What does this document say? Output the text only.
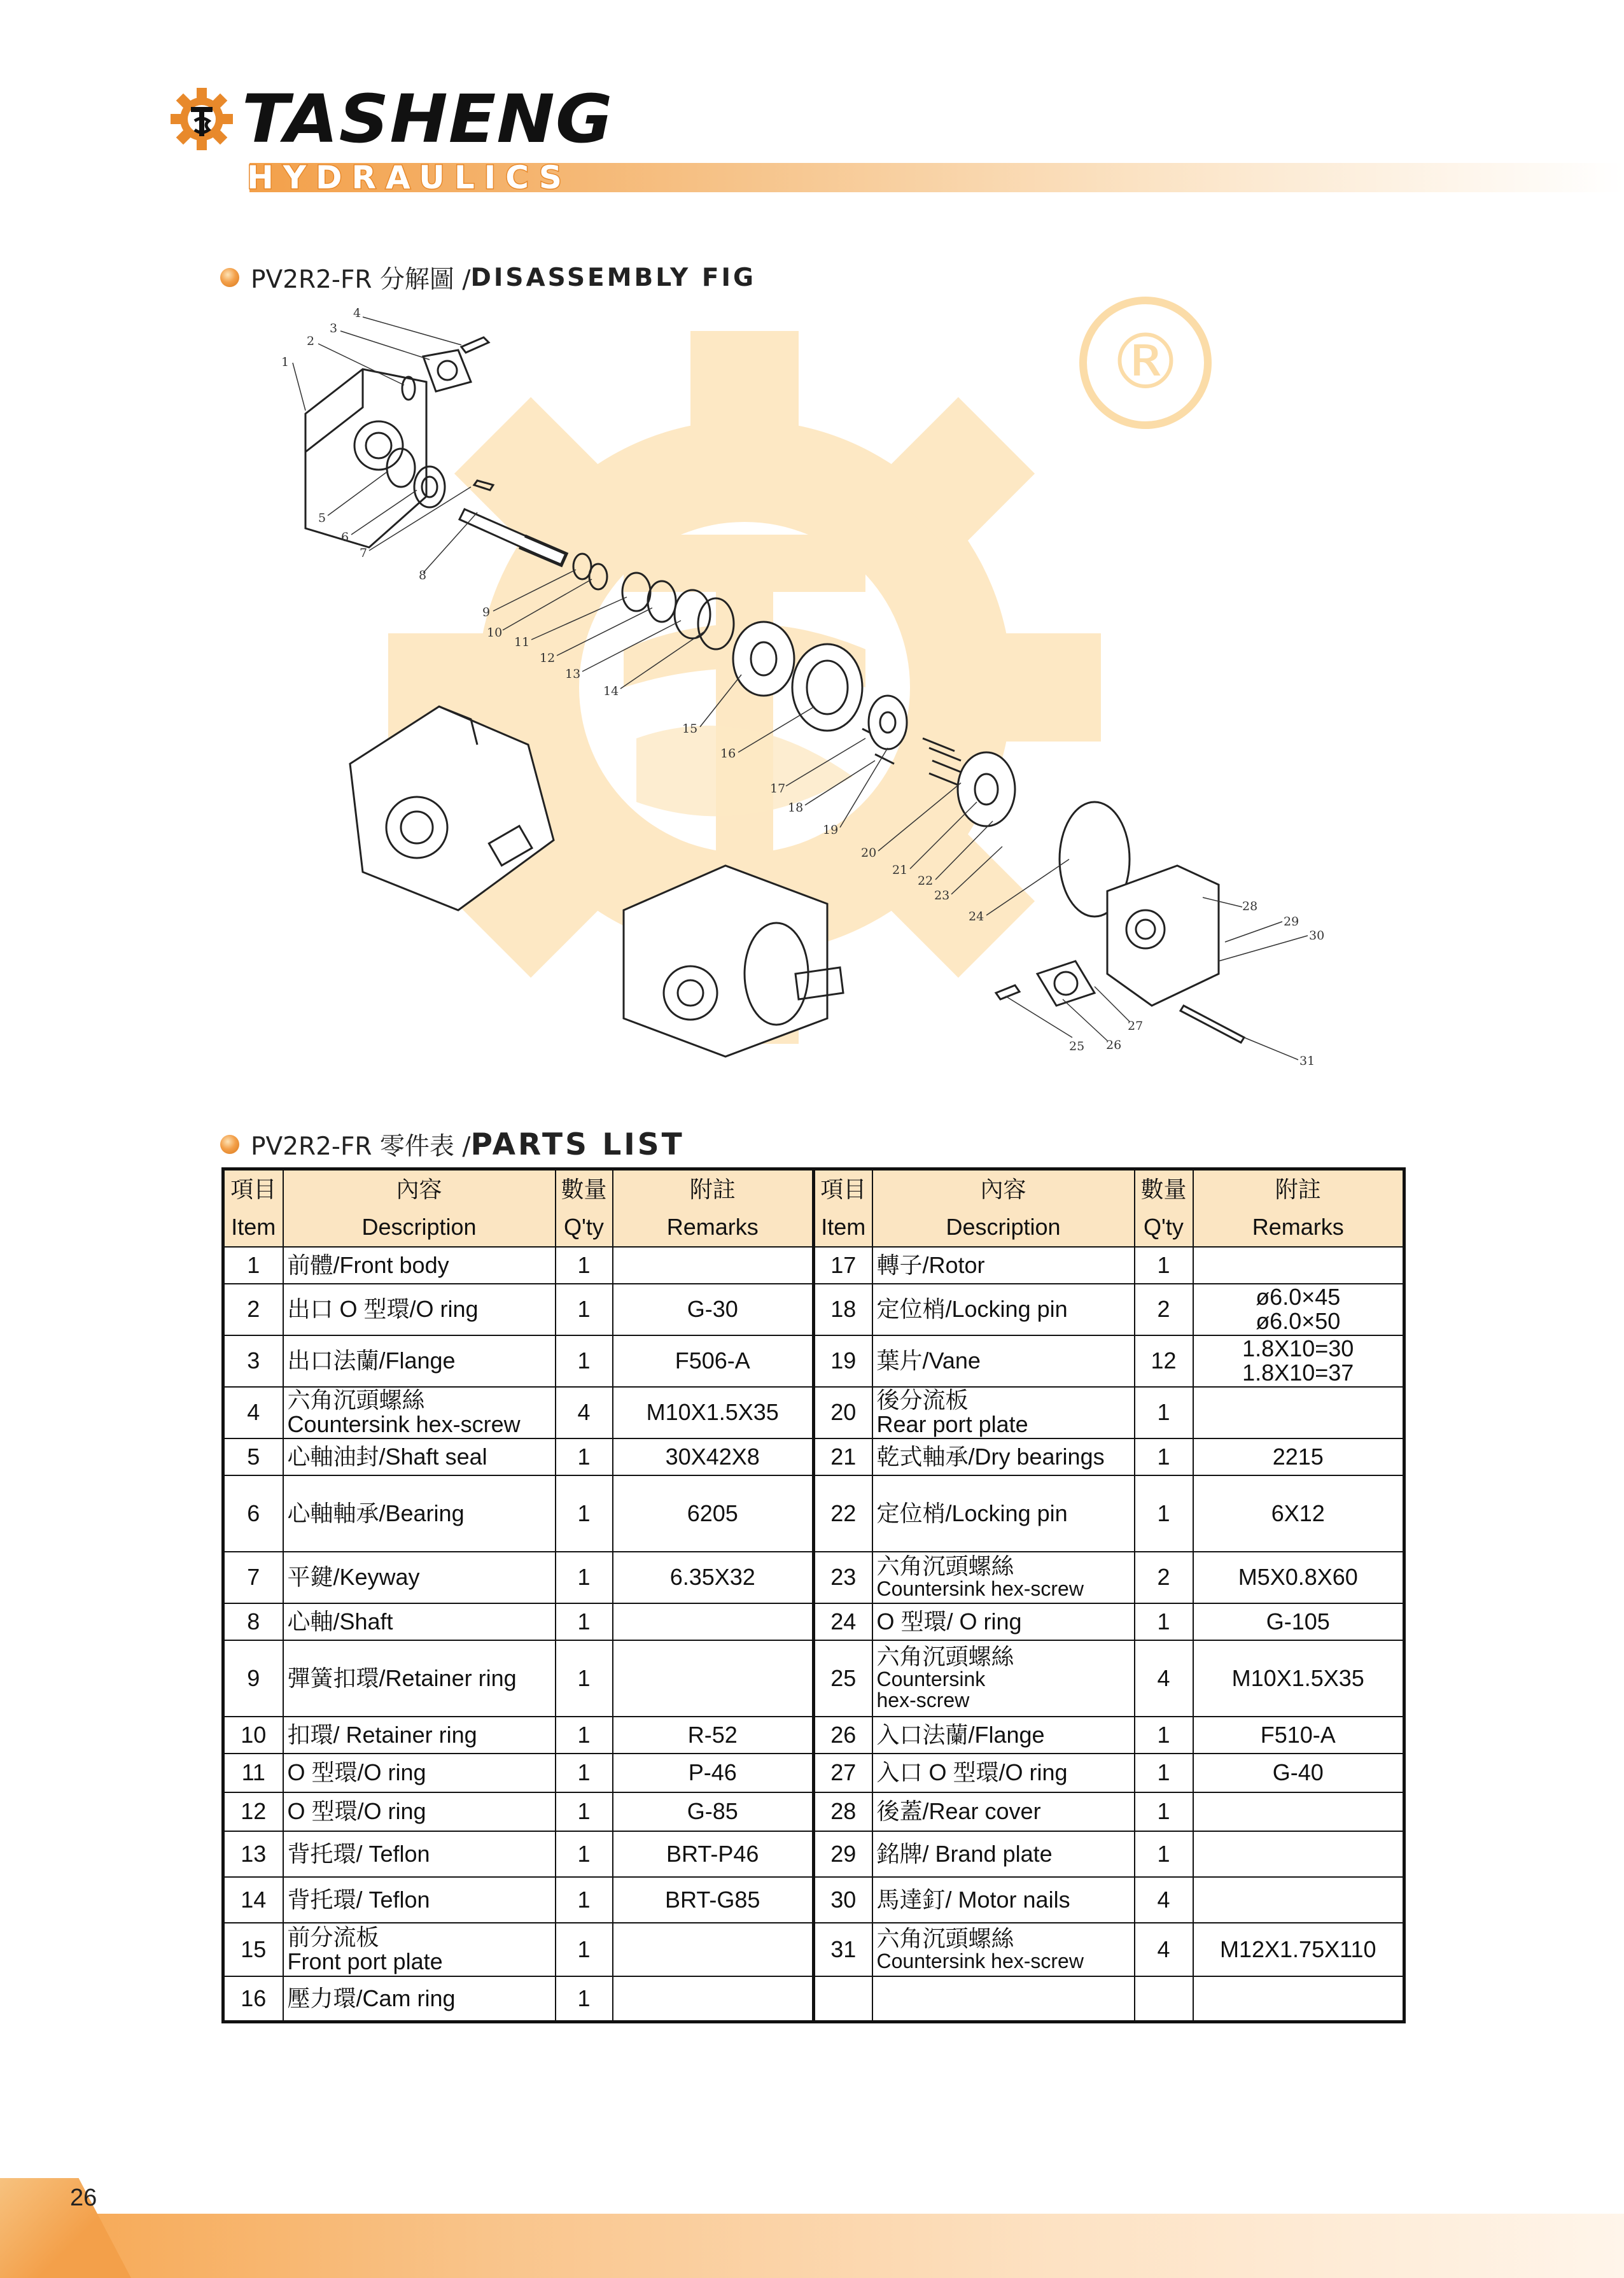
TASHENG
HYDRAULICS
PV2R2-FR 分解圖 / DISASSEMBLY FIG
®
1
2
3
4
5
6
7
8
9
10
11
12
13
14
15
16
17
18
19
20
21
22
23
24
25 26
27
28
29
30
31
PV2R2-FR 零件表 / PARTS LIST
項目	內容	數量	附註	項目	內容	數量	附註
Item	Description	Q'ty	Remarks	Item	Description	Q'ty	Remarks

1	前體/Front body	1		17	轉子/Rotor	1	

2	出口 O 型環/O ring	1	G-30	18	定位梢/Locking pin	2	ø6.0×45
ø6.0×50

3	出口法蘭/Flange	1	F506-A	19	葉片/Vane	12	1.8X10=30
1.8X10=37

4	六角沉頭螺絲
Countersink hex-screw	4	M10X1.5X35	20	後分流板
Rear port plate	1	

5	心軸油封/Shaft seal	1	30X42X8	21	乾式軸承/Dry bearings	1	2215

6	心軸軸承/Bearing	1	6205	22	定位梢/Locking pin	1	6X12

7	平鍵/Keyway	1	6.35X32	23	六角沉頭螺絲
Countersink hex-screw	2	M5X0.8X60

8	心軸/Shaft	1		24	O 型環/ O ring	1	G-105

9	彈簧扣環/Retainer ring	1		25	六角沉頭螺絲
Countersink
hex-screw	4	M10X1.5X35

10	扣環/ Retainer ring	1	R-52	26	入口法蘭/Flange	1	F510-A

11	O 型環/O ring	1	P-46	27	入口 O 型環/O ring	1	G-40

12	O 型環/O ring	1	G-85	28	後蓋/Rear cover	1	

13	背托環/ Teflon	1	BRT-P46	29	銘牌/ Brand plate	1	

14	背托環/ Teflon	1	BRT-G85	30	馬達釘/ Motor nails	4	

15	前分流板
Front port plate	1		31	六角沉頭螺絲
Countersink hex-screw	4	M12X1.75X110

16	壓力環/Cam ring	1					

26
